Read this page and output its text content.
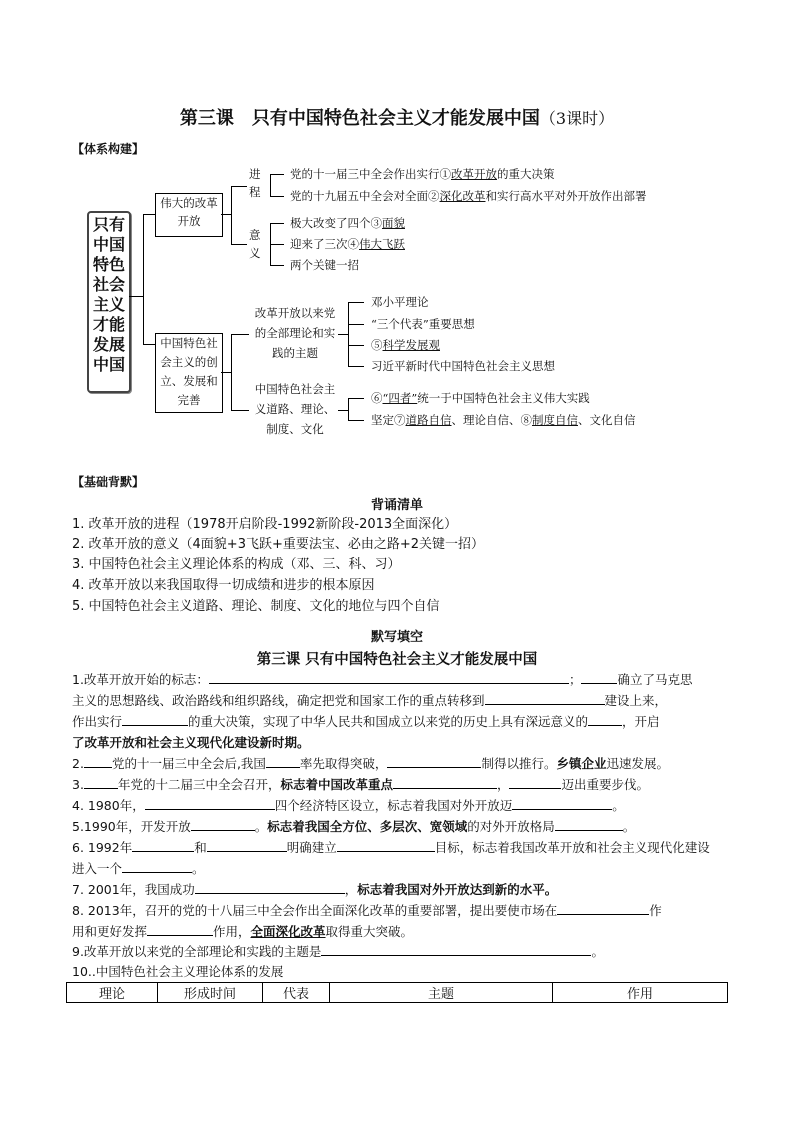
第三课　只有中国特色社会主义才能发展中国（3课时）
【体系构建】
只有中国特色社会主义才能发展中国
伟大的改革开放
进程
党的十一届三中全会作出实行①改革开放的重大决策
党的十九届五中全会对全面②深化改革和实行高水平对外开放作出部署
意义
极大改变了四个③面貌
迎来了三次④伟大飞跃
两个关键一招
中国特色社会主义的创立、发展和完善
改革开放以来党的全部理论和实践的主题
邓小平理论
“三个代表”重要思想
⑤科学发展观
习近平新时代中国特色社会主义思想
中国特色社会主义道路、理论、制度、文化
⑥“四者”统一于中国特色社会主义伟大实践
坚定⑦道路自信、理论自信、⑧制度自信、文化自信
【基础背默】
背诵清单
1. 改革开放的进程（1978开启阶段-1992新阶段-2013全面深化）
2. 改革开放的意义（4面貌+3飞跃+重要法宝、必由之路+2关键一招）
3. 中国特色社会主义理论体系的构成（邓、三、科、习）
4. 改革开放以来我国取得一切成绩和进步的根本原因
5. 中国特色社会主义道路、理论、制度、文化的地位与四个自信
默写填空
第三课 只有中国特色社会主义才能发展中国
1.改革开放开始的标志：	；	确立了马克思
主义的思想路线、政治路线和组织路线，确定把党和国家工作的重点转移到	建设上来，
作出实行	的重大决策，实现了中华人民共和国成立以来党的历史上具有深远意义的	，开启
了改革开放和社会主义现代化建设新时期。
2. 党的十一届三中全会后,我国	率先取得突破，	制得以推行。乡镇企业迅速发展。
3.	年党的十二届三中全会召开，标志着中国改革重点	，	迈出重要步伐。
4. 1980年，	四个经济特区设立，标志着我国对外开放迈	。
5.1990年，开发开放	。标志着我国全方位、多层次、宽领域的对外开放格局	。
6. 1992年	和	明确建立	目标，标志着我国改革开放和社会主义现代化建设
进入一个	。
7. 2001年，我国成功	，标志着我国对外开放达到新的水平。
8. 2013年，召开的党的十八届三中全会作出全面深化改革的重要部署，提出要使市场在	作
用和更好发挥	作用，全面深化改革取得重大突破。
9.改革开放以来党的全部理论和实践的主题是	。
10..中国特色社会主义理论体系的发展
理论	形成时间	代表	主题	作用
